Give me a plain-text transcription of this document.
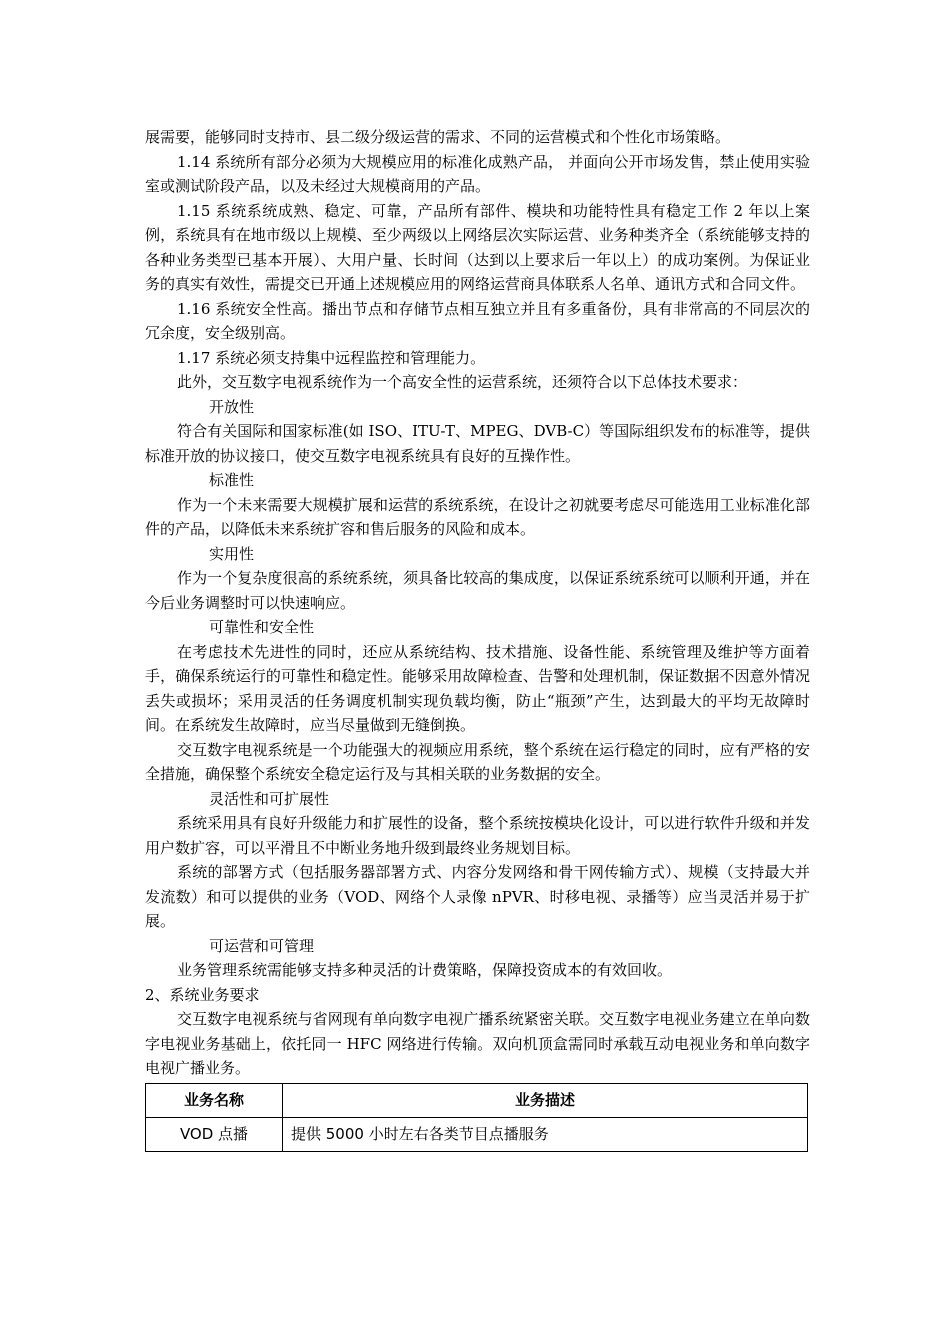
展需要，能够同时支持市、县二级分级运营的需求、不同的运营模式和个性化市场策略。

1.14 系统所有部分必须为大规模应用的标准化成熟产品， 并面向公开市场发售，禁止使用实验室或测试阶段产品，以及未经过大规模商用的产品。

1.15 系统系统成熟、稳定、可靠，产品所有部件、模块和功能特性具有稳定工作 2 年以上案例，系统具有在地市级以上规模、至少两级以上网络层次实际运营、业务种类齐全（系统能够支持的各种业务类型已基本开展）、大用户量、长时间（达到以上要求后一年以上）的成功案例。为保证业务的真实有效性，需提交已开通上述规模应用的网络运营商具体联系人名单、通讯方式和合同文件。

1.16 系统安全性高。播出节点和存储节点相互独立并且有多重备份，具有非常高的不同层次的冗余度，安全级别高。

1.17 系统必须支持集中远程监控和管理能力。

此外，交互数字电视系统作为一个高安全性的运营系统，还须符合以下总体技术要求：

开放性

符合有关国际和国家标准(如 ISO、ITU-T、MPEG、DVB-C）等国际组织发布的标准等，提供标准开放的协议接口，使交互数字电视系统具有良好的互操作性。

标准性

作为一个未来需要大规模扩展和运营的系统系统，在设计之初就要考虑尽可能选用工业标准化部件的产品，以降低未来系统扩容和售后服务的风险和成本。

实用性

作为一个复杂度很高的系统系统，须具备比较高的集成度，以保证系统系统可以顺利开通，并在今后业务调整时可以快速响应。

可靠性和安全性

在考虑技术先进性的同时，还应从系统结构、技术措施、设备性能、系统管理及维护等方面着手，确保系统运行的可靠性和稳定性。能够采用故障检查、告警和处理机制，保证数据不因意外情况丢失或损坏；采用灵活的任务调度机制实现负载均衡，防止“瓶颈”产生，达到最大的平均无故障时间。在系统发生故障时，应当尽量做到无缝倒换。

交互数字电视系统是一个功能强大的视频应用系统，整个系统在运行稳定的同时，应有严格的安全措施，确保整个系统安全稳定运行及与其相关联的业务数据的安全。

灵活性和可扩展性

系统采用具有良好升级能力和扩展性的设备，整个系统按模块化设计，可以进行软件升级和并发用户数扩容，可以平滑且不中断业务地升级到最终业务规划目标。

系统的部署方式（包括服务器部署方式、内容分发网络和骨干网传输方式）、规模（支持最大并发流数）和可以提供的业务（VOD、网络个人录像 nPVR、时移电视、录播等）应当灵活并易于扩展。

可运营和可管理

业务管理系统需能够支持多种灵活的计费策略，保障投资成本的有效回收。

2、系统业务要求

交互数字电视系统与省网现有单向数字电视广播系统紧密关联。交互数字电视业务建立在单向数字电视业务基础上，依托同一 HFC 网络进行传输。双向机顶盒需同时承载互动电视业务和单向数字电视广播业务。

业务名称	业务描述
VOD 点播	提供 5000 小时左右各类节目点播服务
